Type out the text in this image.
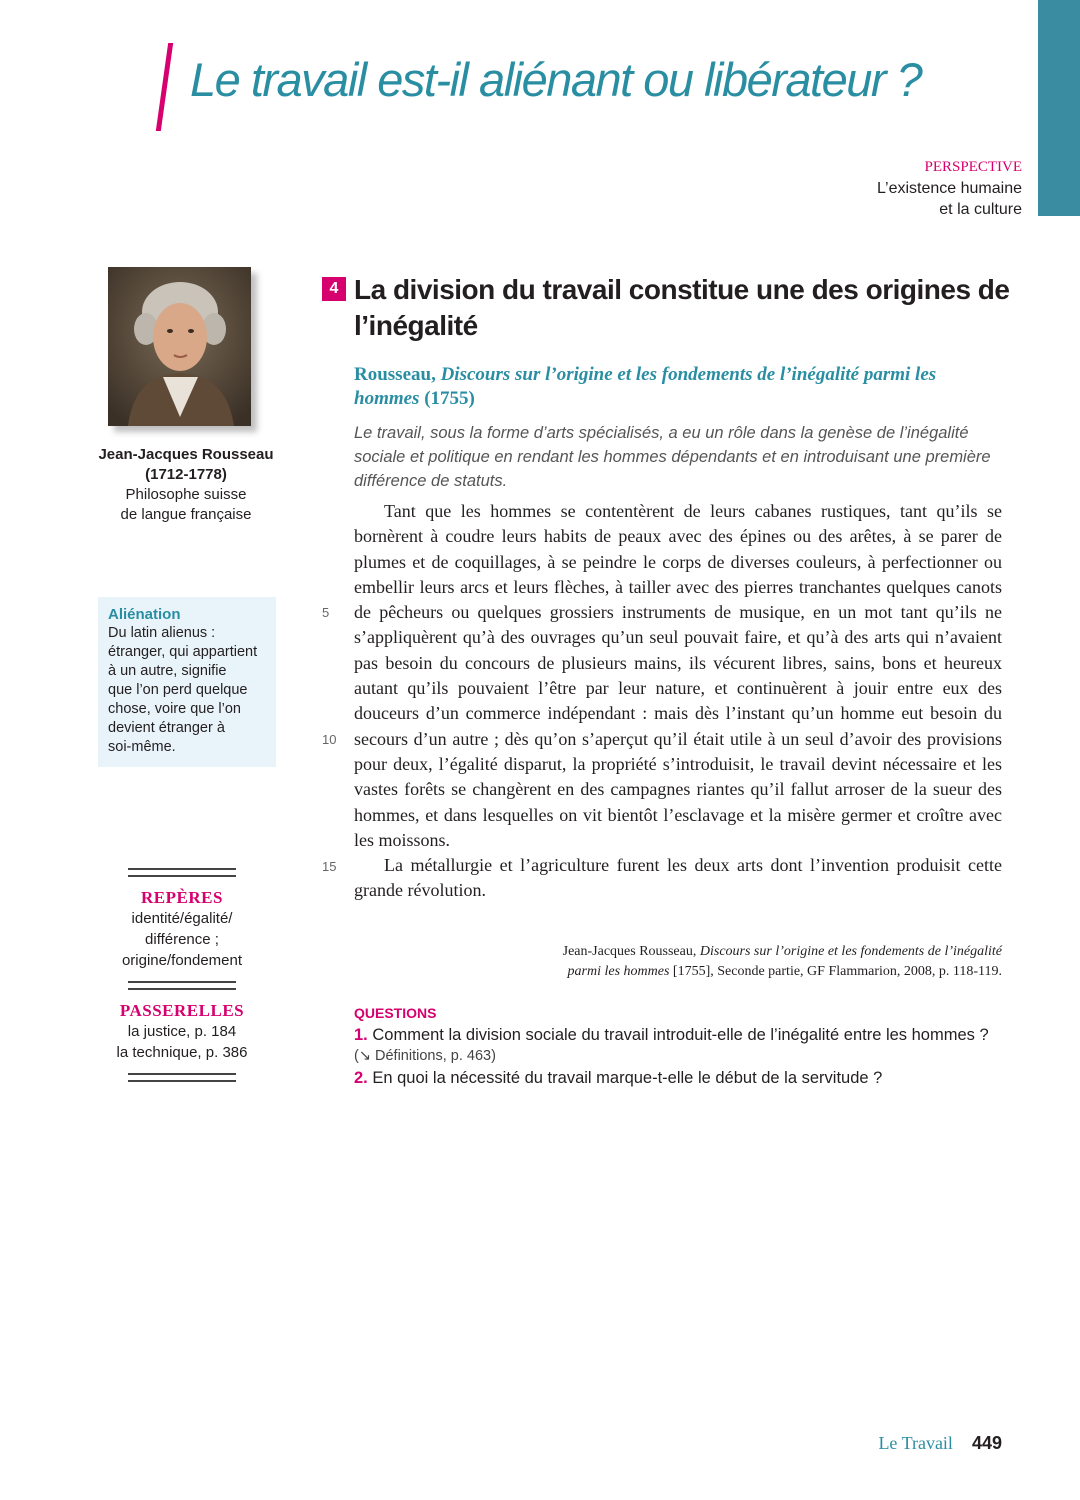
Le travail est-il aliénant ou libérateur ?
PERSPECTIVE
L’existence humaine
et la culture
Jean-Jacques Rousseau
(1712-1778)
Philosophe suisse
de langue française
Aliénation
Du latin alienus :
étranger, qui appartient
à un autre, signifie
que l’on perd quelque
chose, voire que l’on
devient étranger à
soi-même.
REPÈRES
identité/égalité/
différence ;
origine/fondement
PASSERELLES
la justice, p. 184
la technique, p. 386
4 La division du travail constitue une des origines de l’inégalité
Rousseau, Discours sur l’origine et les fondements de l’inégalité parmi les hommes (1755)
Le travail, sous la forme d’arts spécialisés, a eu un rôle dans la genèse de l’inégalité sociale et politique en rendant les hommes dépendants et en introduisant une première différence de statuts.
5
10
15

Tant que les hommes se contentèrent de leurs cabanes rustiques, tant qu’ils se bornèrent à coudre leurs habits de peaux avec des épines ou des arêtes, à se parer de plumes et de coquillages, à se peindre le corps de diverses couleurs, à perfectionner ou embellir leurs arcs et leurs flèches, à tailler avec des pierres tranchantes quelques canots de pêcheurs ou quelques grossiers instruments de musique, en un mot tant qu’ils ne s’appliquèrent qu’à des ouvrages qu’un seul pouvait faire, et qu’à des arts qui n’avaient pas besoin du concours de plusieurs mains, ils vécurent libres, sains, bons et heureux autant qu’ils pouvaient l’être par leur nature, et continuèrent à jouir entre eux des douceurs d’un commerce indépendant : mais dès l’instant qu’un homme eut besoin du secours d’un autre ; dès qu’on s’aperçut qu’il était utile à un seul d’avoir des provisions pour deux, l’égalité disparut, la propriété s’introduisit, le travail devint nécessaire et les vastes forêts se changèrent en des campagnes riantes qu’il fallut arroser de la sueur des hommes, et dans lesquelles on vit bientôt l’esclavage et la misère germer et croître avec les moissons.

La métallurgie et l’agriculture furent les deux arts dont l’invention produisit cette grande révolution.

Jean-Jacques Rousseau, Discours sur l’origine et les fondements de l’inégalité
parmi les hommes [1755], Seconde partie, GF Flammarion, 2008, p. 118-119.
QUESTIONS
1. Comment la division sociale du travail introduit-elle de l’inégalité entre les hommes ?
(↘ Définitions, p. 463)
2. En quoi la nécessité du travail marque-t-elle le début de la servitude ?
Le Travail 449
